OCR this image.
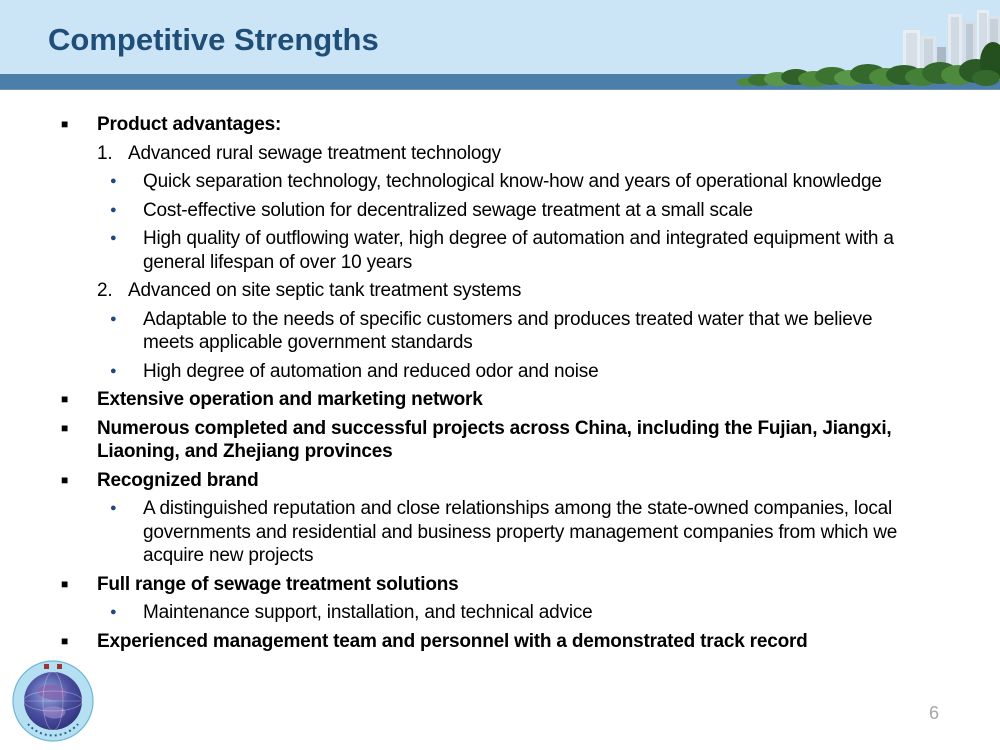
Competitive Strengths
■ Product advantages:
1. Advanced rural sewage treatment technology
● Quick separation technology, technological know-how and years of operational knowledge
● Cost-effective solution for decentralized sewage treatment at a small scale
● High quality of outflowing water, high degree of automation and integrated equipment with a general lifespan of over 10 years
2. Advanced on site septic tank treatment systems
● Adaptable to the needs of specific customers and produces treated water that we believe meets applicable government standards
● High degree of automation and reduced odor and noise
■ Extensive operation and marketing network
■ Numerous completed and successful projects across China, including the Fujian, Jiangxi, Liaoning, and Zhejiang provinces
■ Recognized brand
● A distinguished reputation and close relationships among the state-owned companies, local governments and residential and business property management companies from which we acquire new projects
■ Full range of sewage treatment solutions
● Maintenance support, installation, and technical advice
■ Experienced management team and personnel with a demonstrated track record
6
